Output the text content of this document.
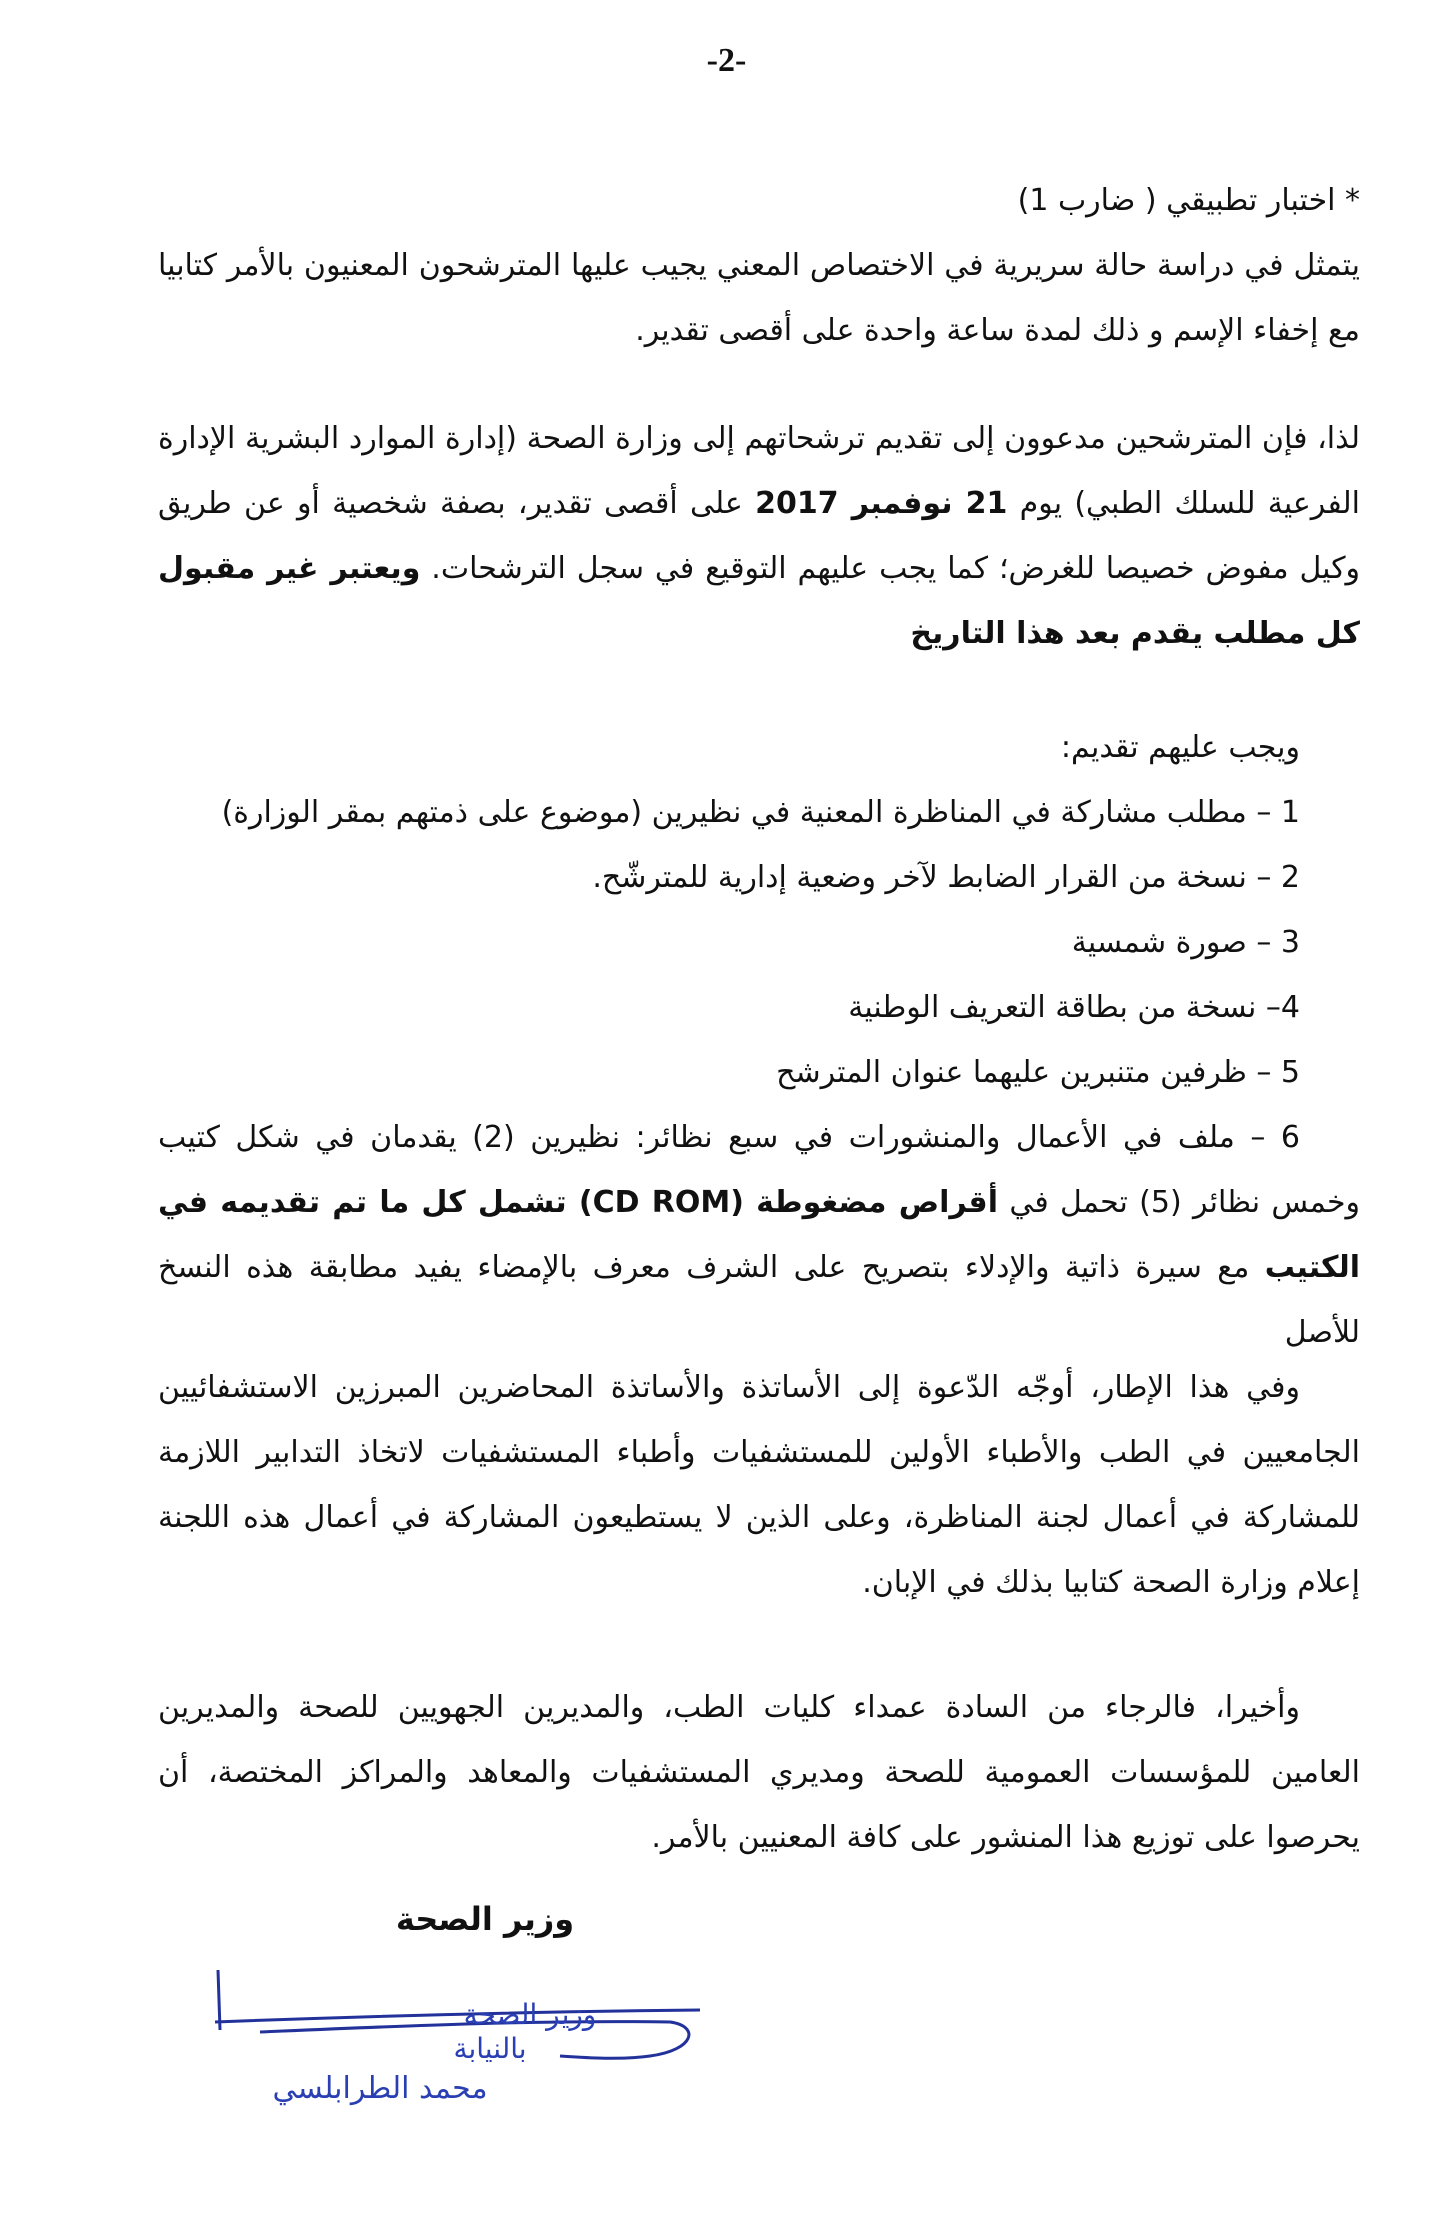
-2-

* اختبار تطبيقي ( ضارب 1)

يتمثل في دراسة حالة سريرية في الاختصاص المعني يجيب عليها المترشحون المعنيون بالأمر كتابيا مع إخفاء الإسم و ذلك لمدة ساعة واحدة على أقصى تقدير.

لذا، فإن المترشحين مدعوون إلى تقديم ترشحاتهم إلى وزارة الصحة (إدارة الموارد البشرية الإدارة الفرعية للسلك الطبي) يوم 21 نوفمبر 2017 على أقصى تقدير، بصفة شخصية أو عن طريق وكيل مفوض خصيصا للغرض؛ كما يجب عليهم التوقيع في سجل الترشحات. ويعتبر غير مقبول كل مطلب يقدم بعد هذا التاريخ

ويجب عليهم تقديم:

1 – مطلب مشاركة في المناظرة المعنية في نظيرين (موضوع على ذمتهم بمقر الوزارة)
2 – نسخة من القرار الضابط لآخر وضعية إدارية للمترشّح.
3 – صورة شمسية
4– نسخة من بطاقة التعريف الوطنية
5 – ظرفين متنبرين عليهما عنوان المترشح
6 – ملف في الأعمال والمنشورات في سبع نظائر: نظيرين (2) يقدمان في شكل كتيب وخمس نظائر (5) تحمل في أقراص مضغوطة (CD ROM) تشمل كل ما تم تقديمه في الكتيب مع سيرة ذاتية والإدلاء بتصريح على الشرف معرف بالإمضاء يفيد مطابقة هذه النسخ للأصل

وفي هذا الإطار، أوجّه الدّعوة إلى الأساتذة والأساتذة المحاضرين المبرزين الاستشفائيين الجامعيين في الطب والأطباء الأولين للمستشفيات وأطباء المستشفيات لاتخاذ التدابير اللازمة للمشاركة في أعمال لجنة المناظرة، وعلى الذين لا يستطيعون المشاركة في أعمال هذه اللجنة إعلام وزارة الصحة كتابيا بذلك في الإبان.

وأخيرا، فالرجاء من السادة عمداء كليات الطب، والمديرين الجهويين للصحة والمديرين العامين للمؤسسات العمومية للصحة ومديري المستشفيات والمعاهد والمراكز المختصة، أن يحرصوا على توزيع هذا المنشور على كافة المعنيين بالأمر.

وزير الصحة
وزير الصحة
بالنيابة
محمد الطرابلسي
